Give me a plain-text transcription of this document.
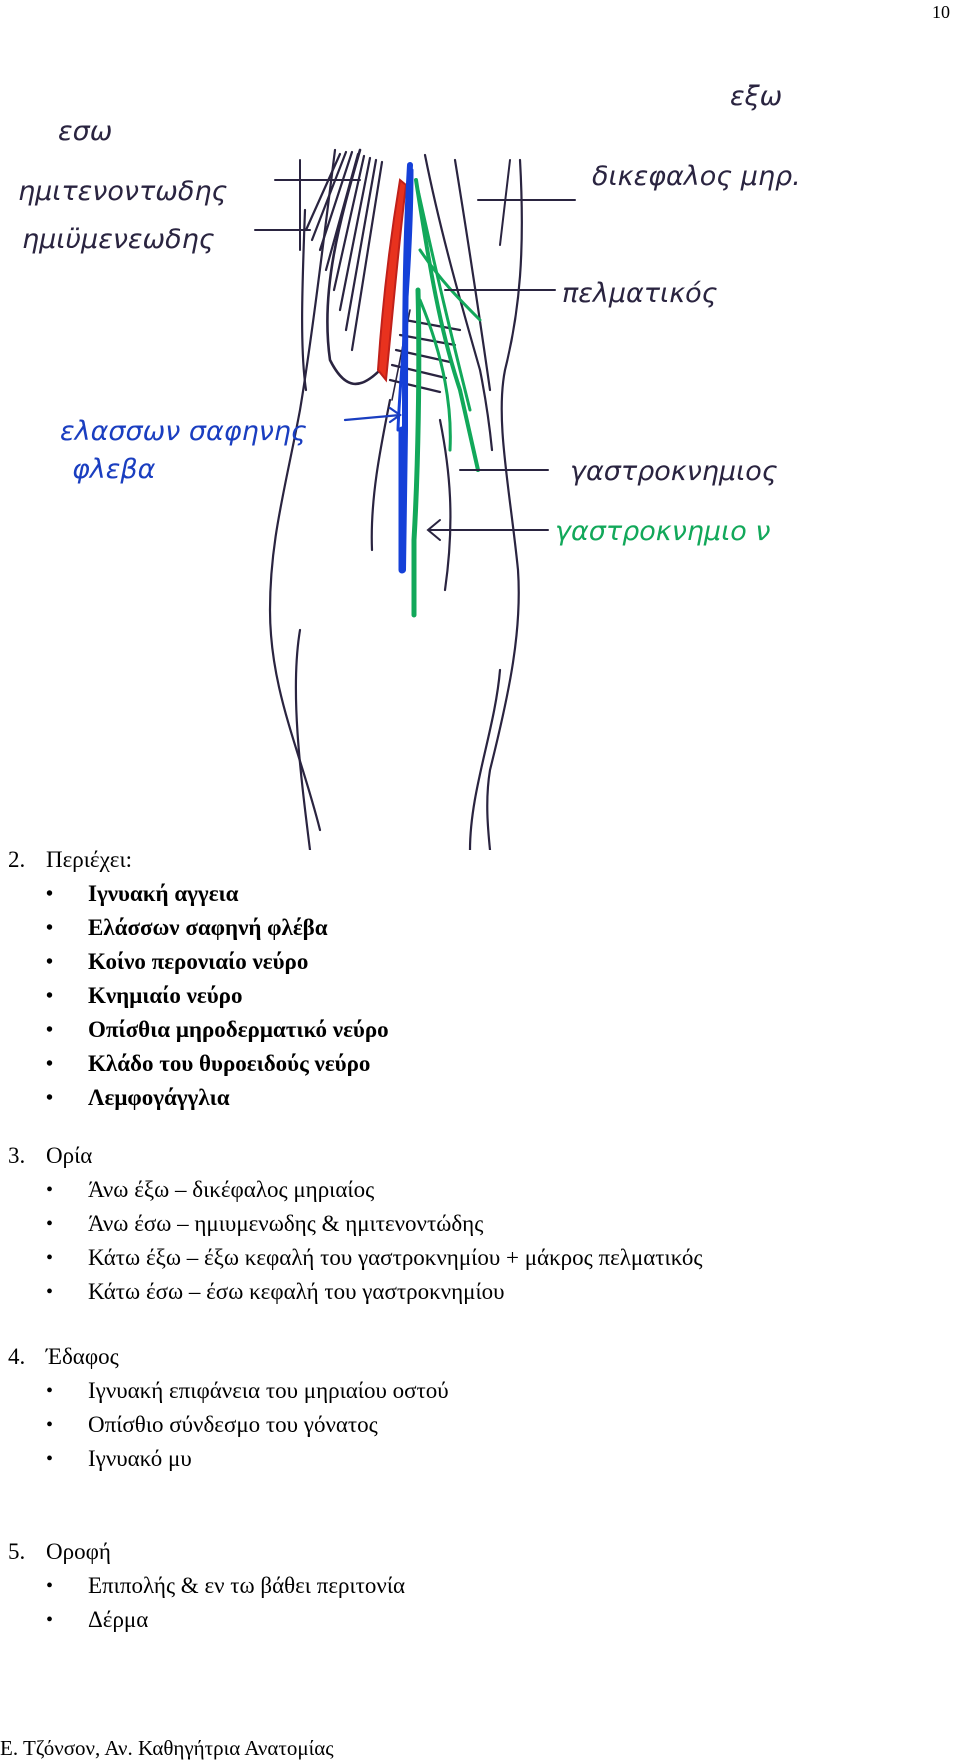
10
εσω
εξω
ημιτενοντωδης
ημιϋμενεωδης
δικεφαλος μηρ.
πελματικός
γαστροκνημιος
γαστροκνημιο ν
ελασσων σαφηνης
φλεβα
2. Περιέχει:
• Ιγνυακή αγγεια
• Ελάσσων σαφηνή φλέβα
• Κοίνο περονιαίο νεύρο
• Κνημιαίο νεύρο
• Οπίσθια μηροδερματικό νεύρο
• Κλάδο του θυροειδούς νεύρο
• Λεμφογάγγλια
3. Ορία
• Άνω έξω – δικέφαλος μηριαίος
• Άνω έσω – ημιυμενωδης & ημιτενοντώδης
• Κάτω έξω – έξω κεφαλή του γαστροκνημίου + μάκρος πελματικός
• Κάτω έσω – έσω κεφαλή του γαστροκνημίου
4. Έδαφος
• Ιγνυακή επιφάνεια του μηριαίου οστού
• Οπίσθιο σύνδεσμο του γόνατος
• Ιγνυακό μυ
5. Οροφή
• Επιπολής & εν τω βάθει περιτονία
• Δέρμα
Ε. Τζόνσον, Αν. Καθηγήτρια Ανατομίας
